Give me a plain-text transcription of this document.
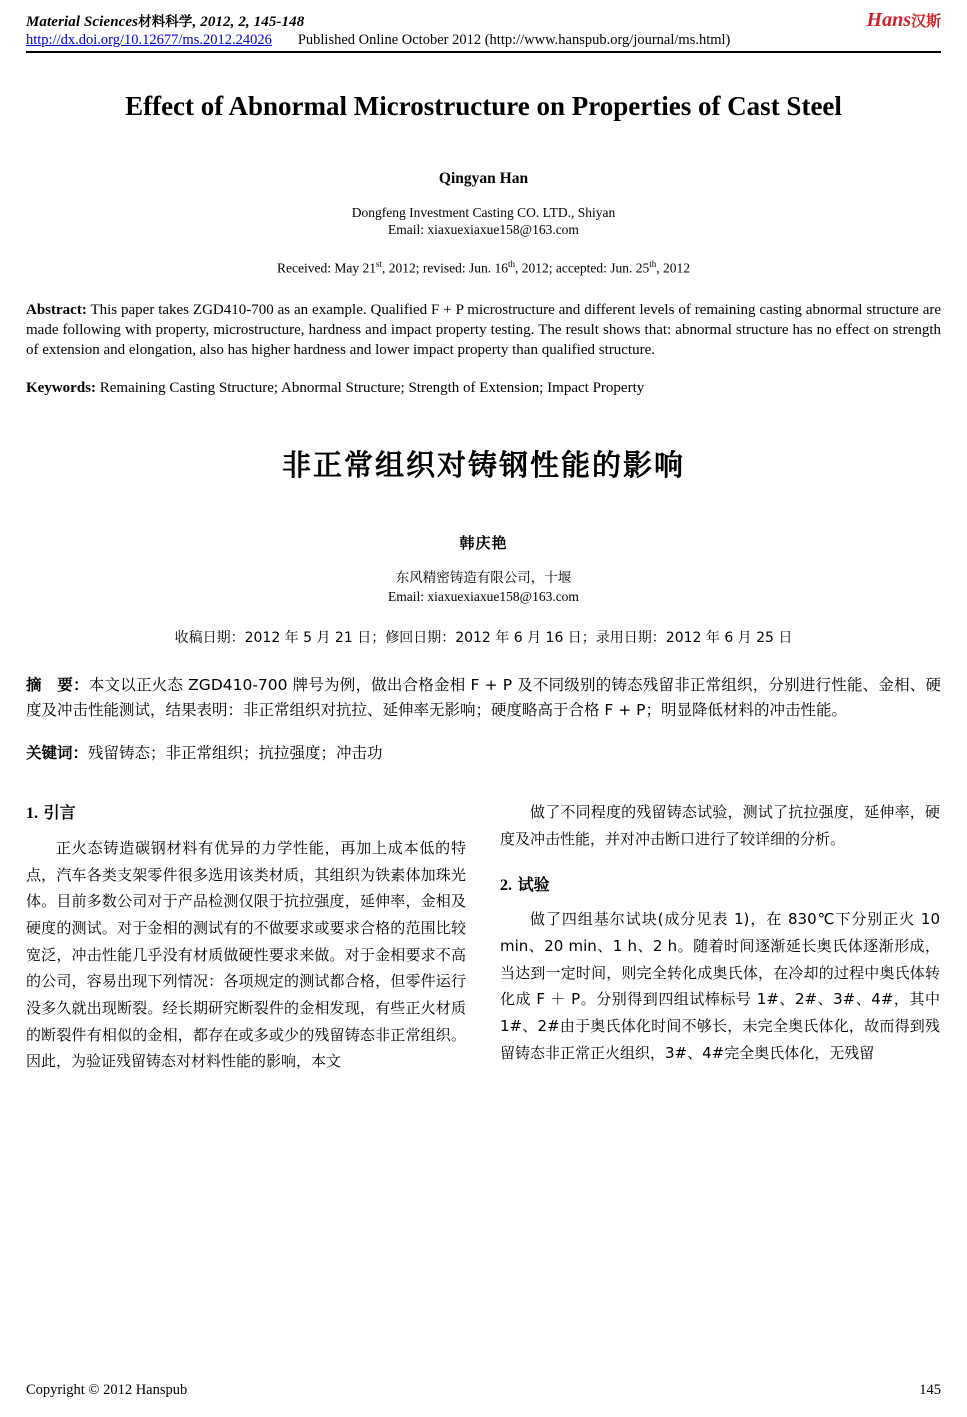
Material Sciences材料科学, 2012, 2, 145-148	Hans汉斯
http://dx.doi.org/10.12677/ms.2012.24026 Published Online October 2012 (http://www.hanspub.org/journal/ms.html)
Effect of Abnormal Microstructure on Properties of Cast Steel
Qingyan Han
Dongfeng Investment Casting CO. LTD., Shiyan
Email: xiaxuexiaxue158@163.com
Received: May 21st, 2012; revised: Jun. 16th, 2012; accepted: Jun. 25th, 2012
Abstract: This paper takes ZGD410-700 as an example. Qualified F + P microstructure and different levels of remaining casting abnormal structure are made following with property, microstructure, hardness and impact property testing. The result shows that: abnormal structure has no effect on strength of extension and elongation, also has higher hardness and lower impact property than qualified structure.
Keywords: Remaining Casting Structure; Abnormal Structure; Strength of Extension; Impact Property
非正常组织对铸钢性能的影响
韩庆艳
东风精密铸造有限公司，十堰
Email: xiaxuexiaxue158@163.com
收稿日期：2012 年 5 月 21 日；修回日期：2012 年 6 月 16 日；录用日期：2012 年 6 月 25 日
摘　要：本文以正火态 ZGD410-700 牌号为例，做出合格金相 F + P 及不同级别的铸态残留非正常组织，分别进行性能、金相、硬度及冲击性能测试，结果表明：非正常组织对抗拉、延伸率无影响；硬度略高于合格 F + P；明显降低材料的冲击性能。
关键词：残留铸态；非正常组织；抗拉强度；冲击功
1. 引言
正火态铸造碳钢材料有优异的力学性能，再加上成本低的特点，汽车各类支架零件很多选用该类材质，其组织为铁素体加珠光体。目前多数公司对于产品检测仅限于抗拉强度，延伸率，金相及硬度的测试。对于金相的测试有的不做要求或要求合格的范围比较宽泛，冲击性能几乎没有材质做硬性要求来做。对于金相要求不高的公司，容易出现下列情况：各项规定的测试都合格，但零件运行没多久就出现断裂。经长期研究断裂件的金相发现，有些正火材质的断裂件有相似的金相，都存在或多或少的残留铸态非正常组织。因此，为验证残留铸态对材料性能的影响，本文
做了不同程度的残留铸态试验，测试了抗拉强度，延伸率，硬度及冲击性能，并对冲击断口进行了较详细的分析。
2. 试验
做了四组基尔试块(成分见表 1)，在 830℃下分别正火 10 min、20 min、1 h、2 h。随着时间逐渐延长奥氏体逐渐形成，当达到一定时间，则完全转化成奥氏体，在冷却的过程中奥氏体转化成 F ＋ P。分别得到四组试棒标号 1#、2#、3#、4#，其中 1#、2#由于奥氏体化时间不够长，未完全奥氏体化，故而得到残留铸态非正常正火组织，3#、4#完全奥氏体化，无残留
Copyright © 2012 Hanspub	145
